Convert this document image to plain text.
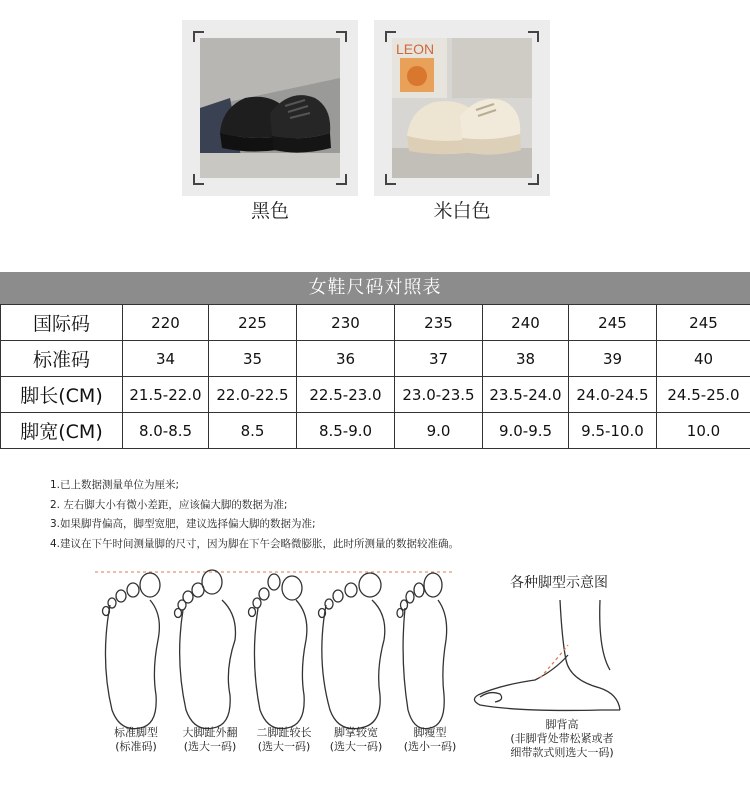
黑色
LEON
米白色
女鞋尺码对照表
国际码	220	225	230	235	240	245	245
标准码	34	35	36	37	38	39	40
脚长(CM)	21.5-22.0	22.0-22.5	22.5-23.0	23.0-23.5	23.5-24.0	24.0-24.5	24.5-25.0
脚宽(CM)	8.0-8.5	8.5	8.5-9.0	9.0	9.0-9.5	9.5-10.0	10.0
1.已上数据测量单位为厘米;
2. 左右脚大小有微小差距，应该偏大脚的数据为准;
3.如果脚背偏高，脚型宽肥，建议选择偏大脚的数据为准;
4.建议在下午时间测量脚的尺寸，因为脚在下午会略微膨胀，此时所测量的数据较准确。
标准脚型
(标准码)
大脚趾外翻
(选大一码)
二脚趾较长
(选大一码)
脚掌较宽
(选大一码)
脚瘦型
(选小一码)
各种脚型示意图
脚背高
(非脚背处带松紧或者
细带款式则选大一码)
